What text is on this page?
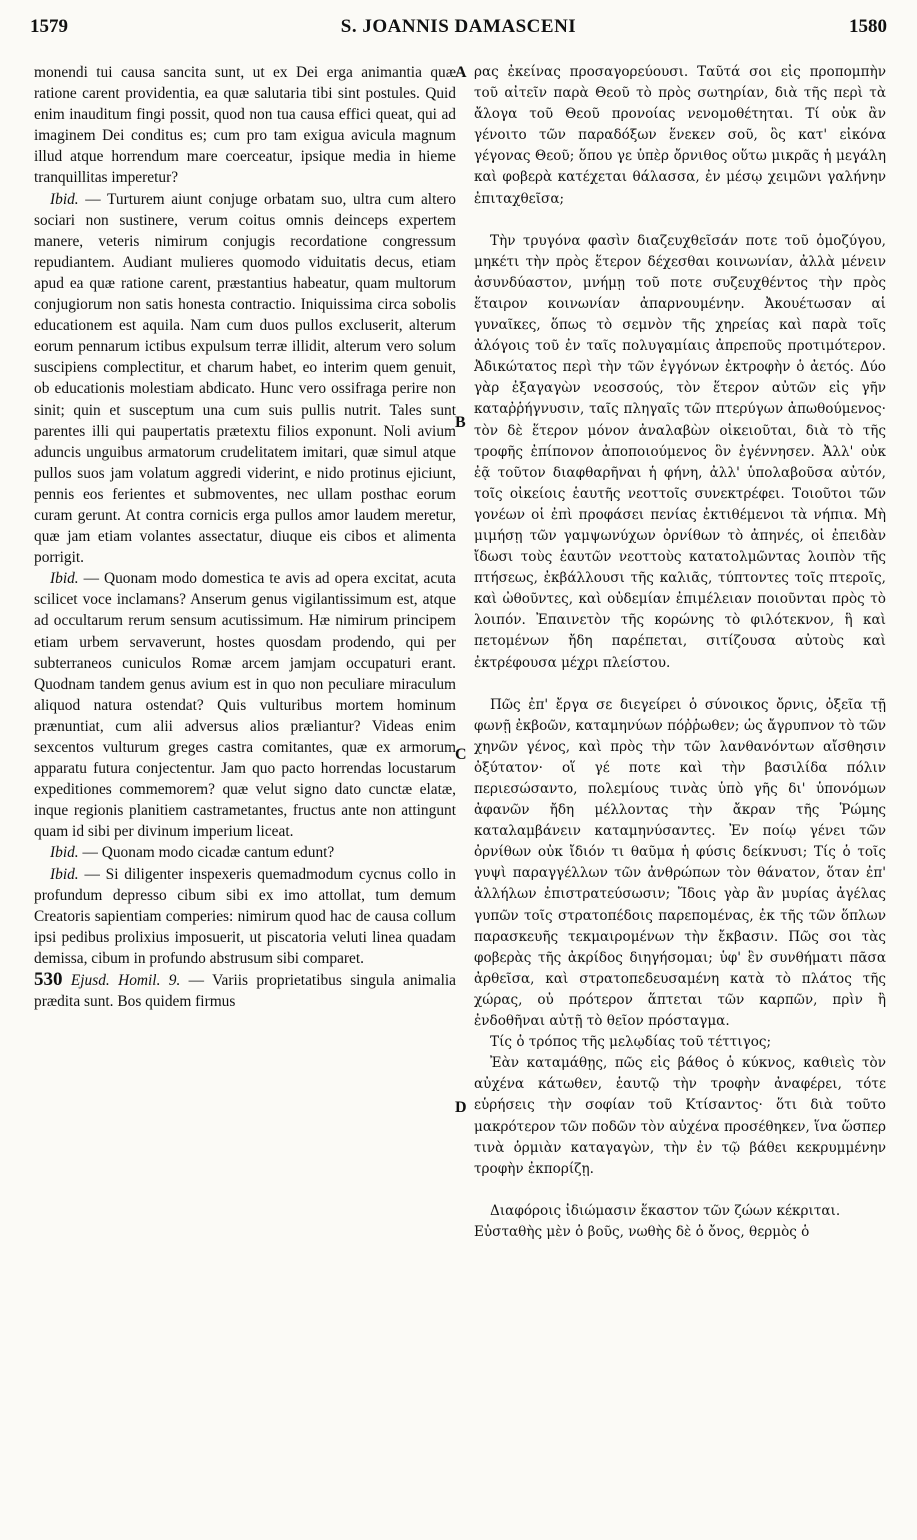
1579	S. JOANNIS DAMASCENI	1580
A
B
C
D

monendi tui causa sancita sunt, ut ex Dei erga animantia quæ ratione carent providentia, ea quæ salutaria tibi sint postules. Quid enim inauditum fingi possit, quod non tua causa effici queat, qui ad imaginem Dei conditus es; cum pro tam exigua avicula magnum illud atque horrendum mare coerceatur, ipsique media in hieme tranquillitas imperetur?

Ibid. — Turturem aiunt conjuge orbatam suo, ultra cum altero sociari non sustinere, verum coitus omnis deinceps expertem manere, veteris nimirum conjugis recordatione congressum repudiantem. Audiant mulieres quomodo viduitatis decus, etiam apud ea quæ ratione carent, præstantius habeatur, quam multorum conjugiorum non satis honesta contractio. Iniquissima circa sobolis educationem est aquila. Nam cum duos pullos excluserit, alterum eorum pennarum ictibus expulsum terræ illidit, alterum vero solum suscipiens complectitur, et charum habet, eo interim quem genuit, ob educationis molestiam abdicato. Hunc vero ossifraga perire non sinit; quin et susceptum una cum suis pullis nutrit. Tales sunt parentes illi qui paupertatis prætextu filios exponunt. Noli avium aduncis unguibus armatorum crudelitatem imitari, quæ simul atque pullos suos jam volatum aggredi viderint, e nido protinus ejiciunt, pennis eos ferientes et submoventes, nec ullam posthac eorum curam gerunt. At contra cornicis erga pullos amor laudem meretur, quæ jam etiam volantes assectatur, diuque eis cibos et alimenta porrigit.

Ibid. — Quonam modo domestica te avis ad opera excitat, acuta scilicet voce inclamans? Anserum genus vigilantissimum est, atque ad occultarum rerum sensum acutissimum. Hæ nimirum principem etiam urbem servaverunt, hostes quosdam prodendo, qui per subterraneos cuniculos Romæ arcem jamjam occupaturi erant. Quodnam tandem genus avium est in quo non peculiare miraculum aliquod natura ostendat? Quis vulturibus mortem hominum prænuntiat, cum alii adversus alios præliantur? Videas enim sexcentos vulturum greges castra comitantes, quæ ex armorum apparatu futura conjectentur. Jam quo pacto horrendas locustarum expeditiones commemorem? quæ velut signo dato cunctæ elatæ, inque regionis planitiem castrametantes, fructus ante non attingunt quam id sibi per divinum imperium liceat.

Ibid. — Quonam modo cicadæ cantum edunt?

Ibid. — Si diligenter inspexeris quemadmodum cycnus collo in profundum depresso cibum sibi ex imo attollat, tum demum Creatoris sapientiam comperies: nimirum quod hac de causa collum ipsi pedibus prolixius imposuerit, ut piscatoria veluti linea quadam demissa, cibum in profundo abstrusum sibi comparet.

530 Ejusd. Homil. 9. — Variis proprietatibus singula animalia prædita sunt. Bos quidem firmus

ρας ἐκείνας προσαγορεύουσι. Ταῦτά σοι εἰς προπομπὴν τοῦ αἰτεῖν παρὰ Θεοῦ τὸ πρὸς σωτηρίαν, διὰ τῆς περὶ τὰ ἄλογα τοῦ Θεοῦ προνοίας νενομοθέτηται. Τί οὐκ ἂν γένοιτο τῶν παραδόξων ἕνεκεν σοῦ, ὃς κατ' εἰκόνα γέγονας Θεοῦ; ὅπου γε ὑπὲρ ὄρνιθος οὕτω μικρᾶς ἡ μεγάλη καὶ φοβερὰ κατέχεται θάλασσα, ἐν μέσῳ χειμῶνι γαλήνην ἐπιταχθεῖσα;

Τὴν τρυγόνα φασὶν διαζευχθεῖσάν ποτε τοῦ ὁμοζύγου, μηκέτι τὴν πρὸς ἕτερον δέχεσθαι κοινωνίαν, ἀλλὰ μένειν ἀσυνδύαστον, μνήμῃ τοῦ ποτε συζευχθέντος τὴν πρὸς ἕταιρον κοινωνίαν ἀπαρνουμένην. Ἀκουέτωσαν αἱ γυναῖκες, ὅπως τὸ σεμνὸν τῆς χηρείας καὶ παρὰ τοῖς ἀλόγοις τοῦ ἐν ταῖς πολυγαμίαις ἀπρεποῦς προτιμότερον. Ἀδικώτατος περὶ τὴν τῶν ἐγγόνων ἐκτροφὴν ὁ ἀετός. Δύο γὰρ ἐξαγαγὼν νεοσσούς, τὸν ἕτερον αὐτῶν εἰς γῆν καταῤῥήγνυσιν, ταῖς πληγαῖς τῶν πτερύγων ἀπωθούμενος· τὸν δὲ ἕτερον μόνον ἀναλαβὼν οἰκειοῦται, διὰ τὸ τῆς τροφῆς ἐπίπονον ἀποποιούμενος ὃν ἐγέννησεν. Ἀλλ' οὐκ ἐᾷ τοῦτον διαφθαρῆναι ἡ φήνη, ἀλλ' ὑπολαβοῦσα αὐτόν, τοῖς οἰκείοις ἑαυτῆς νεοττοῖς συνεκτρέφει. Τοιοῦτοι τῶν γονέων οἱ ἐπὶ προφάσει πενίας ἐκτιθέμενοι τὰ νήπια. Μὴ μιμήσῃ τῶν γαμψωνύχων ὀρνίθων τὸ ἀπηνές, οἱ ἐπειδὰν ἴδωσι τοὺς ἑαυτῶν νεοττοὺς κατατολμῶντας λοιπὸν τῆς πτήσεως, ἐκβάλλουσι τῆς καλιᾶς, τύπτοντες τοῖς πτεροῖς, καὶ ὠθοῦντες, καὶ οὐδεμίαν ἐπιμέλειαν ποιοῦνται πρὸς τὸ λοιπόν. Ἐπαινετὸν τῆς κορώνης τὸ φιλότεκνον, ἣ καὶ πετομένων ἤδη παρέπεται, σιτίζουσα αὐτοὺς καὶ ἐκτρέφουσα μέχρι πλείστου.

Πῶς ἐπ' ἔργα σε διεγείρει ὁ σύνοικος ὄρνις, ὀξεῖα τῇ φωνῇ ἐκβοῶν, καταμηνύων πόῤῥωθεν; ὡς ἄγρυπνον τὸ τῶν χηνῶν γένος, καὶ πρὸς τὴν τῶν λανθανόντων αἴσθησιν ὀξύτατον· οἵ γέ ποτε καὶ τὴν βασιλίδα πόλιν περιεσώσαντο, πολεμίους τινὰς ὑπὸ γῆς δι' ὑπονόμων ἀφανῶν ἤδη μέλλοντας τὴν ἄκραν τῆς Ῥώμης καταλαμβάνειν καταμηνύσαντες. Ἐν ποίῳ γένει τῶν ὀρνίθων οὐκ ἴδιόν τι θαῦμα ἡ φύσις δείκνυσι; Τίς ὁ τοῖς γυψὶ παραγγέλλων τῶν ἀνθρώπων τὸν θάνατον, ὅταν ἐπ' ἀλλήλων ἐπιστρατεύσωσιν; Ἴδοις γὰρ ἂν μυρίας ἀγέλας γυπῶν τοῖς στρατοπέδοις παρεπομένας, ἐκ τῆς τῶν ὅπλων παρασκευῆς τεκμαιρομένων τὴν ἔκβασιν. Πῶς σοι τὰς φοβερὰς τῆς ἀκρίδος διηγήσομαι; ὑφ' ἓν συνθήματι πᾶσα ἀρθεῖσα, καὶ στρατοπεδευσαμένη κατὰ τὸ πλάτος τῆς χώρας, οὐ πρότερον ἅπτεται τῶν καρπῶν, πρὶν ἢ ἐνδοθῆναι αὐτῇ τὸ θεῖον πρόσταγμα.

Τίς ὁ τρόπος τῆς μελῳδίας τοῦ τέττιγος;

Ἐὰν καταμάθῃς, πῶς εἰς βάθος ὁ κύκνος, καθιεὶς τὸν αὐχένα κάτωθεν, ἑαυτῷ τὴν τροφὴν ἀναφέρει, τότε εὑρήσεις τὴν σοφίαν τοῦ Κτίσαντος· ὅτι διὰ τοῦτο μακρότερον τῶν ποδῶν τὸν αὐχένα προσέθηκεν, ἵνα ὥσπερ τινὰ ὁρμιὰν καταγαγὼν, τὴν ἐν τῷ βάθει κεκρυμμένην τροφὴν ἐκπορίζῃ.

Διαφόροις ἰδιώμασιν ἕκαστον τῶν ζώων κέκριται. Εὐσταθὴς μὲν ὁ βοῦς, νωθὴς δὲ ὁ ὄνος, θερμὸς ὁ
